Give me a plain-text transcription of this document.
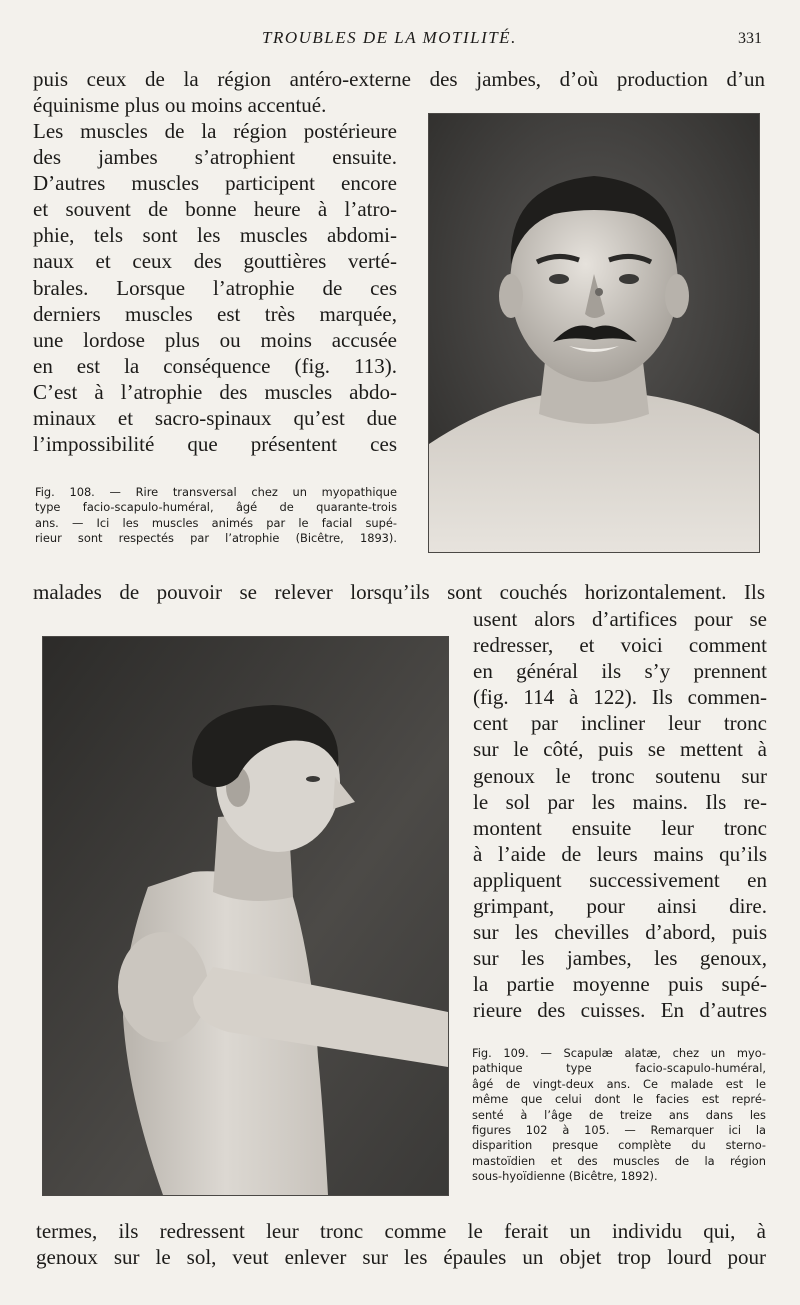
TROUBLES DE LA MOTILITÉ.	331
puis ceux de la région antéro-externe des jambes, d’où production d’un
équinisme plus ou moins accentué.
Les muscles de la région postérieure
des jambes s’atrophient ensuite.
D’autres muscles participent encore
et souvent de bonne heure à l’atro-
phie, tels sont les muscles abdomi-
naux et ceux des gouttières verté-
brales. Lorsque l’atrophie de ces
derniers muscles est très marquée,
une lordose plus ou moins accusée
en est la conséquence (fig. 113).
C’est à l’atrophie des muscles abdo-
minaux et sacro-spinaux qu’est due
l’impossibilité que présentent ces
Fig. 108. — Rire transversal chez un myopathique
type facio-scapulo-huméral, âgé de quarante-trois
ans. — Ici les muscles animés par le facial supé-
rieur sont respectés par l’atrophie (Bicêtre, 1893).
malades de pouvoir se relever lorsqu’ils sont couchés horizontalement. Ils
usent alors d’artifices pour se
redresser, et voici comment
en général ils s’y prennent
(fig. 114 à 122). Ils commen-
cent par incliner leur tronc
sur le côté, puis se mettent à
genoux le tronc soutenu sur
le sol par les mains. Ils re-
montent ensuite leur tronc
à l’aide de leurs mains qu’ils
appliquent successivement en
grimpant, pour ainsi dire.
sur les chevilles d’abord, puis
sur les jambes, les genoux,
la partie moyenne puis supé-
rieure des cuisses. En d’autres
Fig. 109. — Scapulæ alatæ, chez un myo-
pathique type facio-scapulo-huméral,
âgé de vingt-deux ans. Ce malade est le
même que celui dont le facies est repré-
senté à l’âge de treize ans dans les
figures 102 à 105. — Remarquer ici la
disparition presque complète du sterno-
mastoïdien et des muscles de la région
sous-hyoïdienne (Bicêtre, 1892).
termes, ils redressent leur tronc comme le ferait un individu qui, à
genoux sur le sol, veut enlever sur les épaules un objet trop lourd pour
